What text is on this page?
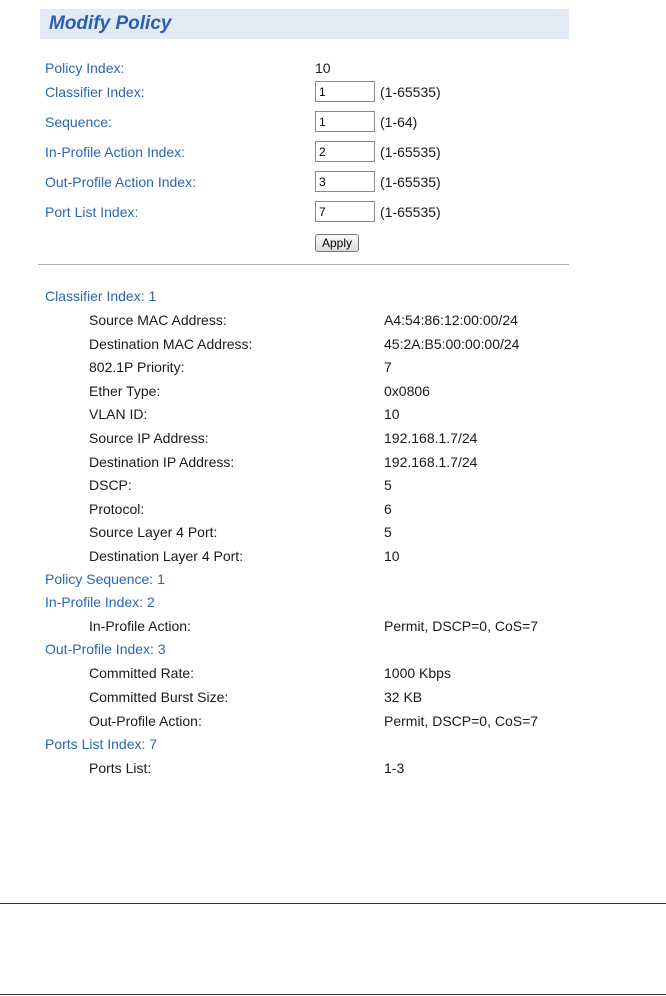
Modify Policy
Policy Index:	10
Classifier Index:
1	(1-65535)
Sequence:
1	(1-64)
In-Profile Action Index:
2	(1-65535)
Out-Profile Action Index:
3	(1-65535)
Port List Index:
7	(1-65535)
Apply
Classifier Index: 1
Source MAC Address:	A4:54:86:12:00:00/24
Destination MAC Address:	45:2A:B5:00:00:00/24
802.1P Priority:	7
Ether Type:	0x0806
VLAN ID:	10
Source IP Address:	192.168.1.7/24
Destination IP Address:	192.168.1.7/24
DSCP:	5
Protocol:	6
Source Layer 4 Port:	5
Destination Layer 4 Port:	10
Policy Sequence: 1
In-Profile Index: 2
In-Profile Action:	Permit, DSCP=0, CoS=7
Out-Profile Index: 3
Committed Rate:	1000 Kbps
Committed Burst Size:	32 KB
Out-Profile Action:	Permit, DSCP=0, CoS=7
Ports List Index: 7
Ports List:	1-3
